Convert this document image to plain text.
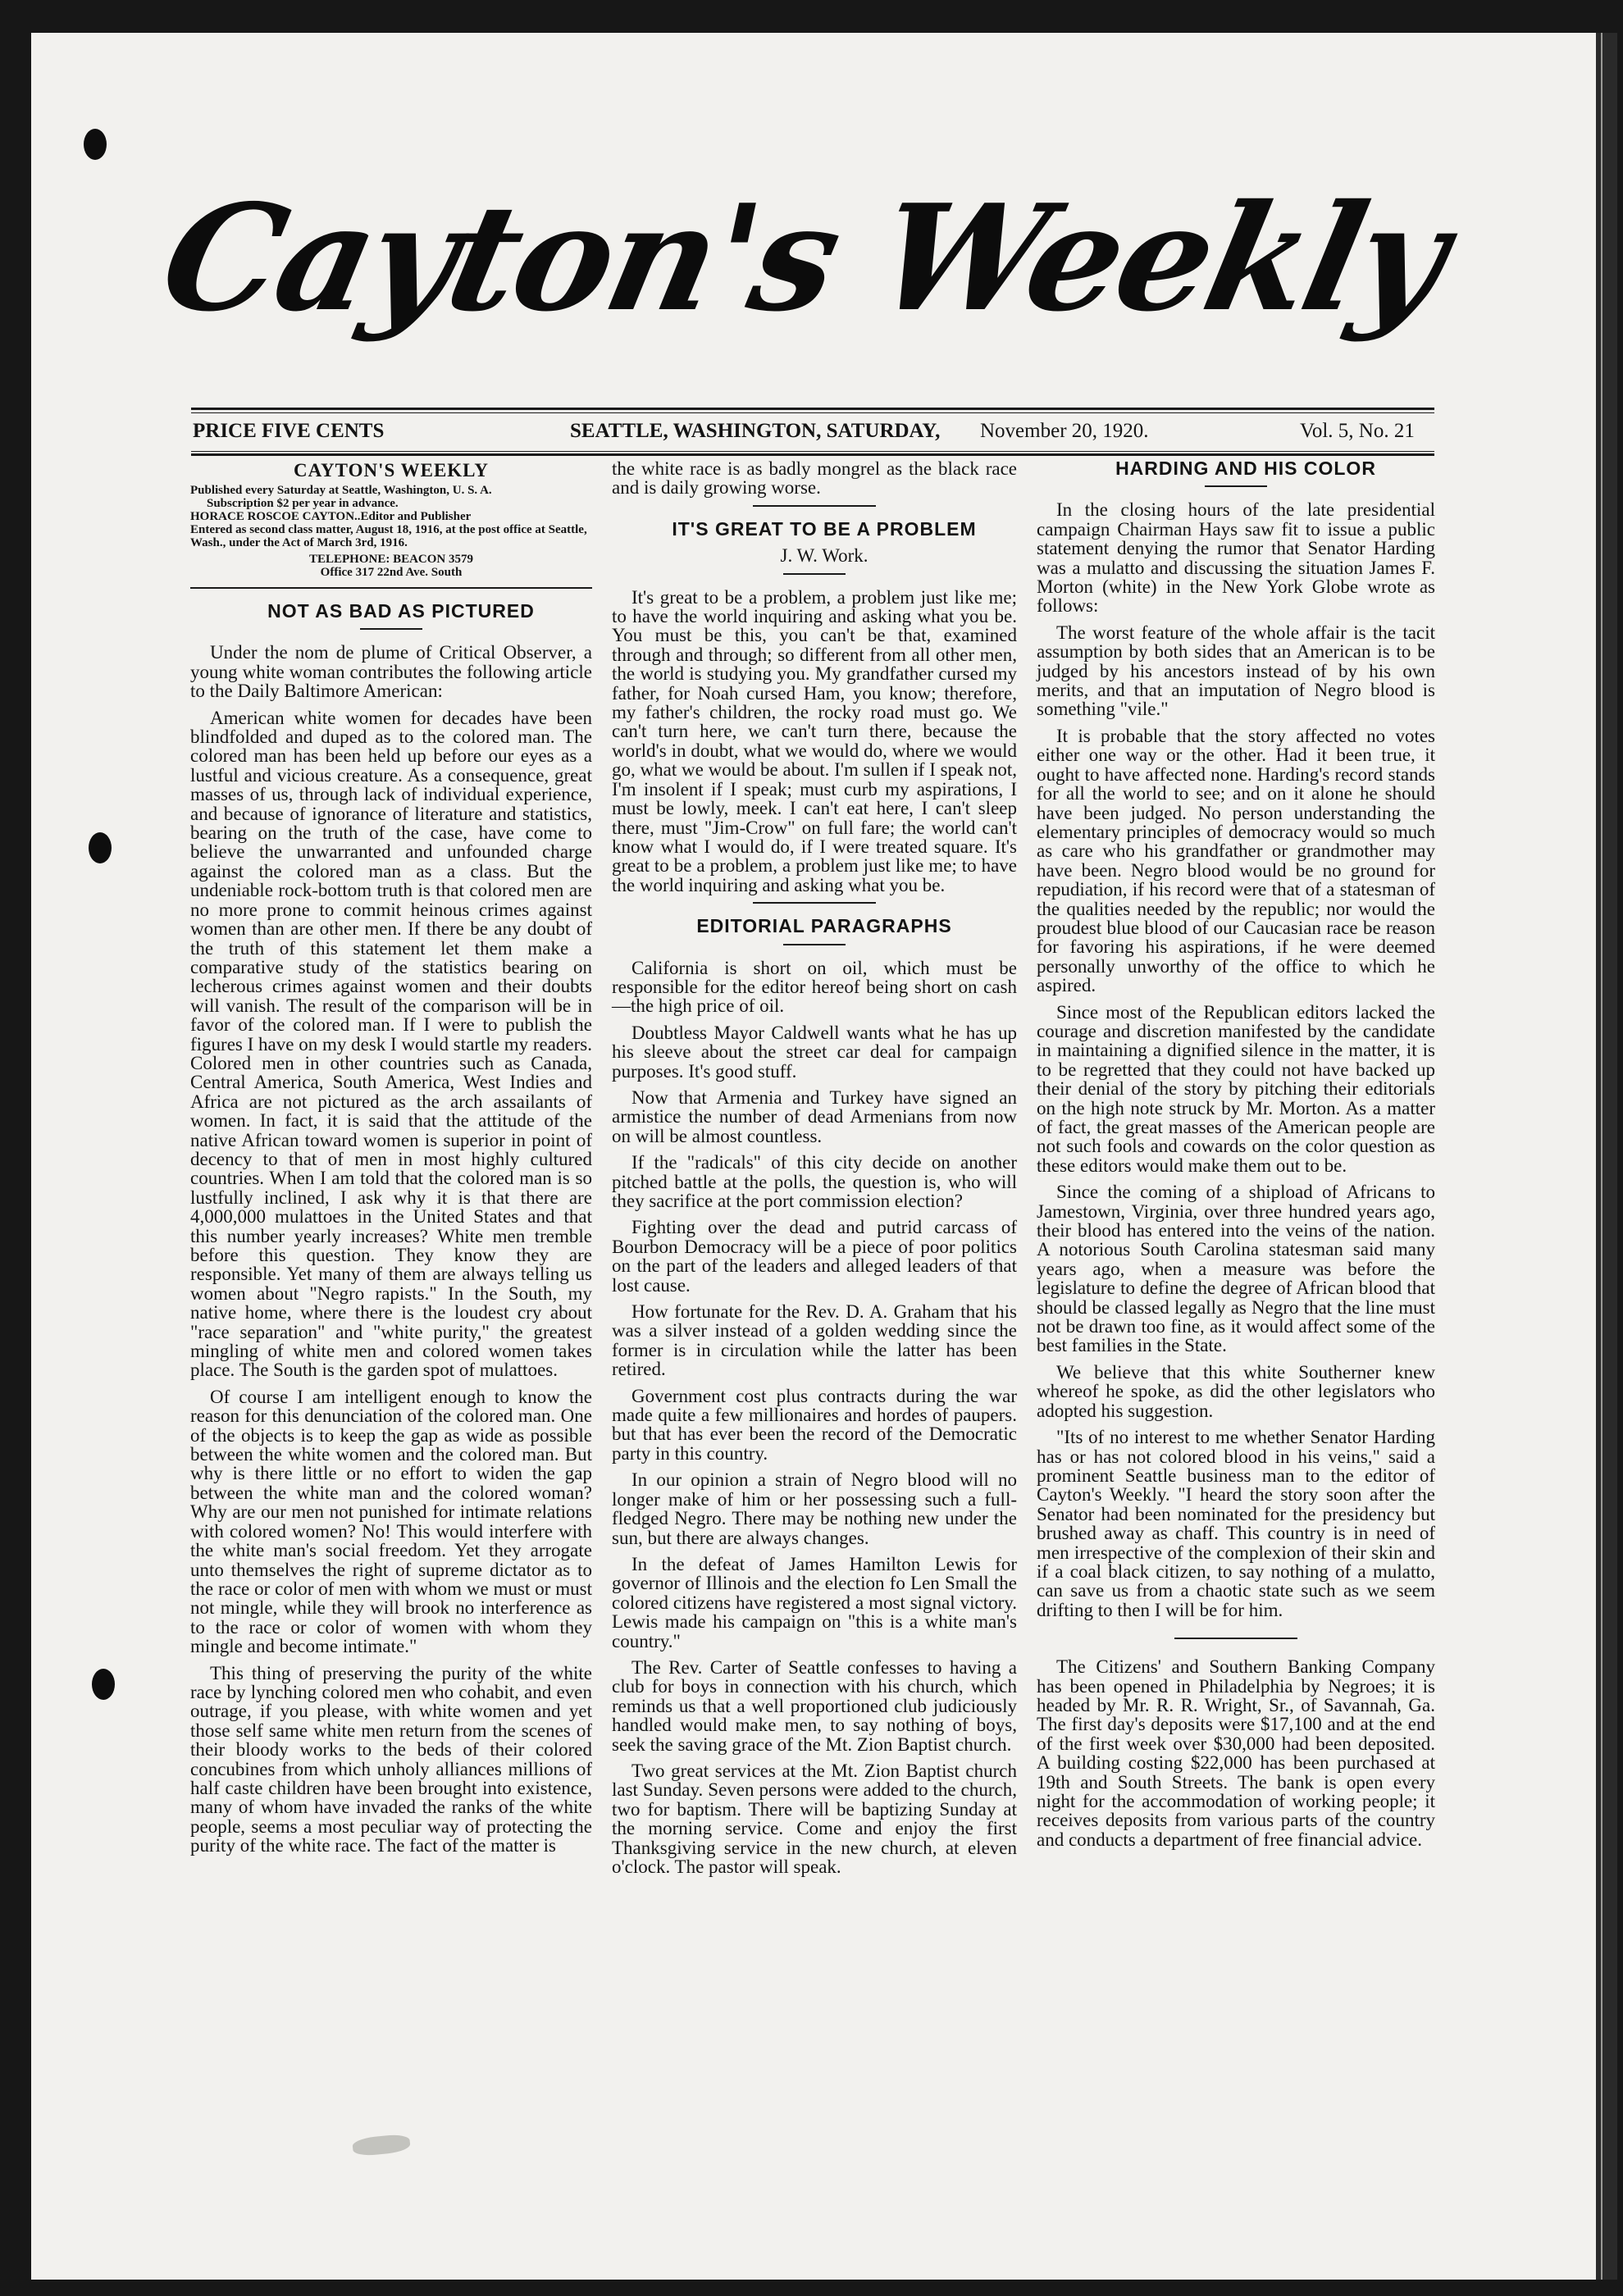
Cayton's Weekly
PRICE FIVE CENTS	SEATTLE, WASHINGTON, SATURDAY, November 20, 1920.	Vol. 5, No. 21
CAYTON'S WEEKLY
Published every Saturday at Seattle, Washington, U. S. A.
Subscription $2 per year in advance.
HORACE ROSCOE CAYTON..Editor and Publisher
Entered as second class matter, August 18, 1916, at the post office at Seattle, Wash., under the Act of March 3rd, 1916.
TELEPHONE: BEACON 3579
Office 317 22nd Ave. South

NOT AS BAD AS PICTURED

Under the nom de plume of Critical Observer, a young white woman contributes the following article to the Daily Baltimore American:

American white women for decades have been blindfolded and duped as to the colored man. The colored man has been held up before our eyes as a lustful and vicious creature. As a consequence, great masses of us, through lack of individual experience, and because of ignorance of literature and statistics, bearing on the truth of the case, have come to believe the unwarranted and unfounded charge against the colored man as a class. But the undeniable rock-bottom truth is that colored men are no more prone to commit heinous crimes against women than are other men. If there be any doubt of the truth of this statement let them make a comparative study of the statistics bearing on lecherous crimes against women and their doubts will vanish. The result of the comparison will be in favor of the colored man. If I were to publish the figures I have on my desk I would startle my readers. Colored men in other countries such as Canada, Central America, South America, West Indies and Africa are not pictured as the arch assailants of women. In fact, it is said that the attitude of the native African toward women is superior in point of decency to that of men in most highly cultured countries. When I am told that the colored man is so lustfully inclined, I ask why it is that there are 4,000,000 mulattoes in the United States and that this number yearly increases? White men tremble before this question. They know they are responsible. Yet many of them are always telling us women about "Negro rapists." In the South, my native home, where there is the loudest cry about "race separation" and "white purity," the greatest mingling of white men and colored women takes place. The South is the garden spot of mulattoes.

Of course I am intelligent enough to know the reason for this denunciation of the colored man. One of the objects is to keep the gap as wide as possible between the white women and the colored man. But why is there little or no effort to widen the gap between the white man and the colored woman? Why are our men not punished for intimate relations with colored women? No! This would interfere with the white man's social freedom. Yet they arrogate unto themselves the right of supreme dictator as to the race or color of men with whom we must or must not mingle, while they will brook no interference as to the race or color of women with whom they mingle and become intimate."

This thing of preserving the purity of the white race by lynching colored men who cohabit, and even outrage, if you please, with white women and yet those self same white men return from the scenes of their bloody works to the beds of their colored concubines from which unholy alliances millions of half caste children have been brought into existence, many of whom have invaded the ranks of the white people, seems a most peculiar way of protecting the purity of the white race. The fact of the matter is

the white race is as badly mongrel as the black race and is daily growing worse.

IT'S GREAT TO BE A PROBLEM

J. W. Work.

It's great to be a problem, a problem just like me; to have the world inquiring and asking what you be. You must be this, you can't be that, examined through and through; so different from all other men, the world is studying you. My grandfather cursed my father, for Noah cursed Ham, you know; therefore, my father's children, the rocky road must go. We can't turn here, we can't turn there, because the world's in doubt, what we would do, where we would go, what we would be about. I'm sullen if I speak not, I'm insolent if I speak; must curb my aspirations, I must be lowly, meek. I can't eat here, I can't sleep there, must "Jim-Crow" on full fare; the world can't know what I would do, if I were treated square. It's great to be a problem, a problem just like me; to have the world inquiring and asking what you be.

EDITORIAL PARAGRAPHS

California is short on oil, which must be responsible for the editor hereof being short on cash—the high price of oil.

Doubtless Mayor Caldwell wants what he has up his sleeve about the street car deal for campaign purposes. It's good stuff.

Now that Armenia and Turkey have signed an armistice the number of dead Armenians from now on will be almost countless.

If the "radicals" of this city decide on another pitched battle at the polls, the question is, who will they sacrifice at the port commission election?

Fighting over the dead and putrid carcass of Bourbon Democracy will be a piece of poor politics on the part of the leaders and alleged leaders of that lost cause.

How fortunate for the Rev. D. A. Graham that his was a silver instead of a golden wedding since the former is in circulation while the latter has been retired.

Government cost plus contracts during the war made quite a few millionaires and hordes of paupers. but that has ever been the record of the Democratic party in this country.

In our opinion a strain of Negro blood will no longer make of him or her possessing such a full-fledged Negro. There may be nothing new under the sun, but there are always changes.

In the defeat of James Hamilton Lewis for governor of Illinois and the election fo Len Small the colored citizens have registered a most signal victory. Lewis made his campaign on "this is a white man's country."

The Rev. Carter of Seattle confesses to having a club for boys in connection with his church, which reminds us that a well proportioned club judiciously handled would make men, to say nothing of boys, seek the saving grace of the Mt. Zion Baptist church.

Two great services at the Mt. Zion Baptist church last Sunday. Seven persons were added to the church, two for baptism. There will be baptizing Sunday at the morning service. Come and enjoy the first Thanksgiving service in the new church, at eleven o'clock. The pastor will speak.

HARDING AND HIS COLOR

In the closing hours of the late presidential campaign Chairman Hays saw fit to issue a public statement denying the rumor that Senator Harding was a mulatto and discussing the situation James F. Morton (white) in the New York Globe wrote as follows:

The worst feature of the whole affair is the tacit assumption by both sides that an American is to be judged by his ancestors instead of by his own merits, and that an imputation of Negro blood is something "vile."

It is probable that the story affected no votes either one way or the other. Had it been true, it ought to have affected none. Harding's record stands for all the world to see; and on it alone he should have been judged. No person understanding the elementary principles of democracy would so much as care who his grandfather or grandmother may have been. Negro blood would be no ground for repudiation, if his record were that of a statesman of the qualities needed by the republic; nor would the proudest blue blood of our Caucasian race be reason for favoring his aspirations, if he were deemed personally unworthy of the office to which he aspired.

Since most of the Republican editors lacked the courage and discretion manifested by the candidate in maintaining a dignified silence in the matter, it is to be regretted that they could not have backed up their denial of the story by pitching their editorials on the high note struck by Mr. Morton. As a matter of fact, the great masses of the American people are not such fools and cowards on the color question as these editors would make them out to be.

Since the coming of a shipload of Africans to Jamestown, Virginia, over three hundred years ago, their blood has entered into the veins of the nation. A notorious South Carolina statesman said many years ago, when a measure was before the legislature to define the degree of African blood that should be classed legally as Negro that the line must not be drawn too fine, as it would affect some of the best families in the State.

We believe that this white Southerner knew whereof he spoke, as did the other legislators who adopted his suggestion.

"Its of no interest to me whether Senator Harding has or has not colored blood in his veins," said a prominent Seattle business man to the editor of Cayton's Weekly. "I heard the story soon after the Senator had been nominated for the presidency but brushed away as chaff. This country is in need of men irrespective of the complexion of their skin and if a coal black citizen, to say nothing of a mulatto, can save us from a chaotic state such as we seem drifting to then I will be for him.

The Citizens' and Southern Banking Company has been opened in Philadelphia by Negroes; it is headed by Mr. R. R. Wright, Sr., of Savannah, Ga. The first day's deposits were $17,100 and at the end of the first week over $30,000 had been deposited. A building costing $22,000 has been purchased at 19th and South Streets. The bank is open every night for the accommodation of working people; it receives deposits from various parts of the country and conducts a department of free financial advice.
